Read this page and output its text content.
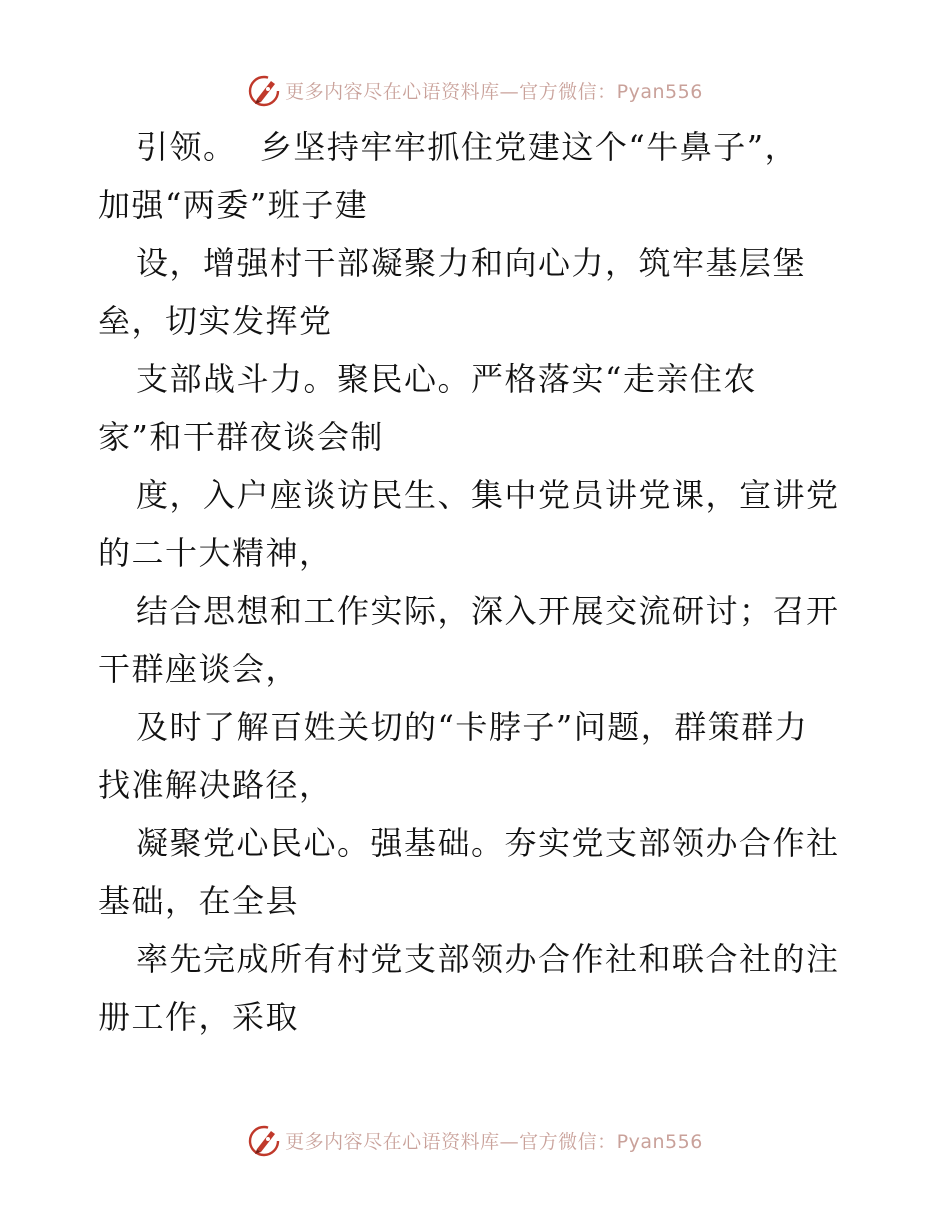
更多内容尽在心语资料库—官方微信：Pyan556

引领。  乡坚持牢牢抓住党建这个“牛鼻子”，
加强“两委”班子建

设，增强村干部凝聚力和向心力，筑牢基层堡
垒，切实发挥党

支部战斗力。聚民心。严格落实“走亲住农
家”和干群夜谈会制

度，入户座谈访民生、集中党员讲党课，宣讲党
的二十大精神，

结合思想和工作实际，深入开展交流研讨；召开
干群座谈会，

及时了解百姓关切的“卡脖子”问题，群策群力
找准解决路径，

凝聚党心民心。强基础。夯实党支部领办合作社
基础，在全县

率先完成所有村党支部领办合作社和联合社的注
册工作，采取

更多内容尽在心语资料库—官方微信：Pyan556
